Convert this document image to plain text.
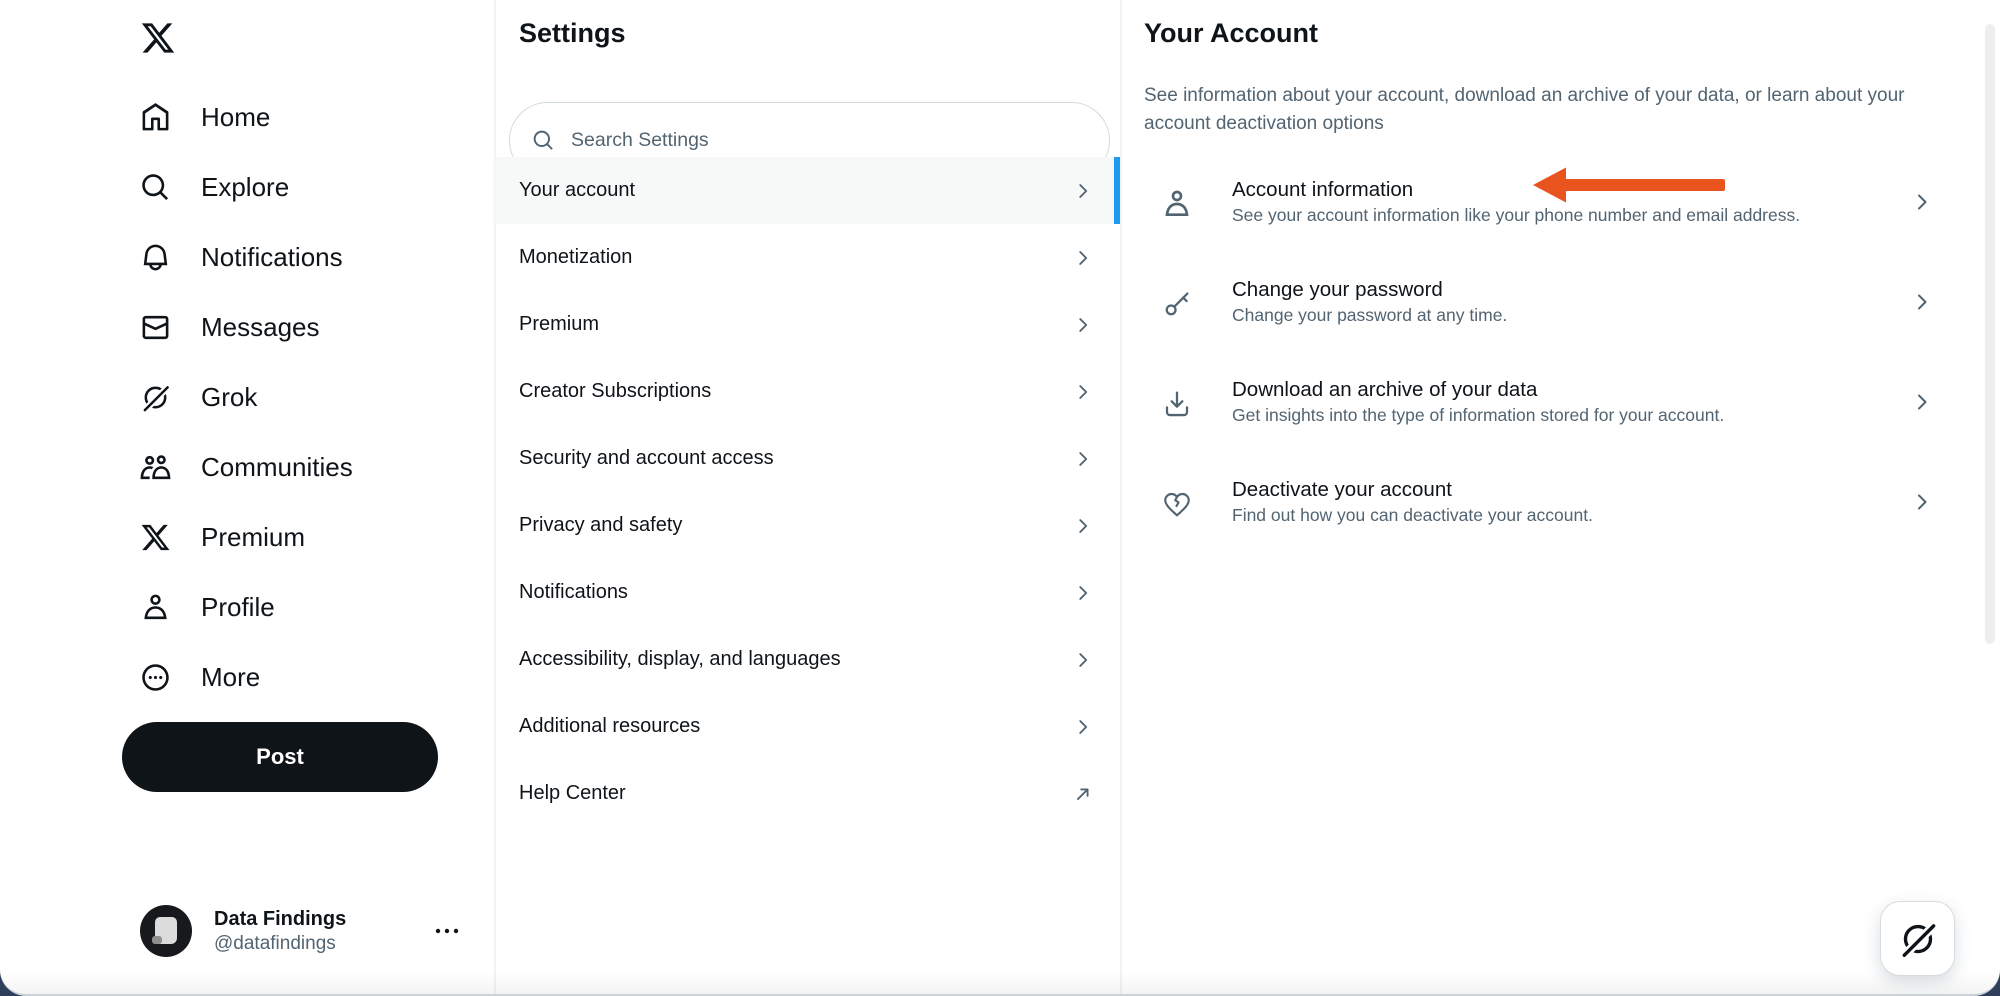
Home
Explore
Notifications
Messages
Grok
Communities
Premium
Profile
More
Post
Data Findings
@datafindings
Settings
Search Settings
Your account
Monetization
Premium
Creator Subscriptions
Security and account access
Privacy and safety
Notifications
Accessibility, display, and languages
Additional resources
Help Center
Your Account

See information about your account, download an archive of your data, or learn about your account deactivation options

Account information
See your account information like your phone number and email address.
Change your password
Change your password at any time.
Download an archive of your data
Get insights into the type of information stored for your account.
Deactivate your account
Find out how you can deactivate your account.
